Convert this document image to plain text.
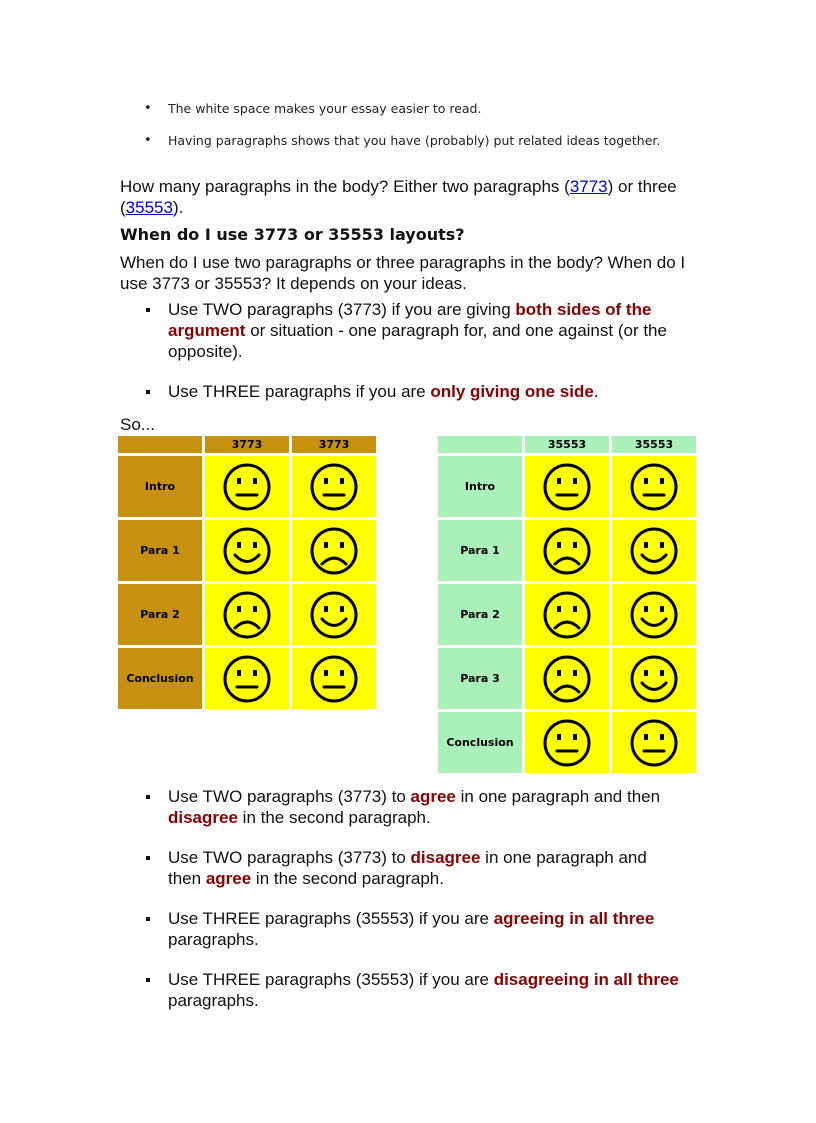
• The white space makes your essay easier to read.
• Having paragraphs shows that you have (probably) put related ideas together.

How many paragraphs in the body? Either two paragraphs (3773) or three (35553).

When do I use 3773 or 35553 layouts?

When do I use two paragraphs or three paragraphs in the body? When do I use 3773 or 35553? It depends on your ideas.

Use TWO paragraphs (3773) if you are giving both sides of the argument or situation - one paragraph for, and one against (or the opposite).
Use THREE paragraphs if you are only giving one side.

So...

	3773	3773
Intro	

Para 1	

Para 2	

Conclusion	

	35553	35553
Intro	

Para 1	

Para 2	

Para 3	

Conclusion	

Use TWO paragraphs (3773) to agree in one paragraph and then disagree in the second paragraph.
Use TWO paragraphs (3773) to disagree in one paragraph and then agree in the second paragraph.
Use THREE paragraphs (35553) if you are agreeing in all three paragraphs.
Use THREE paragraphs (35553) if you are disagreeing in all three paragraphs.
